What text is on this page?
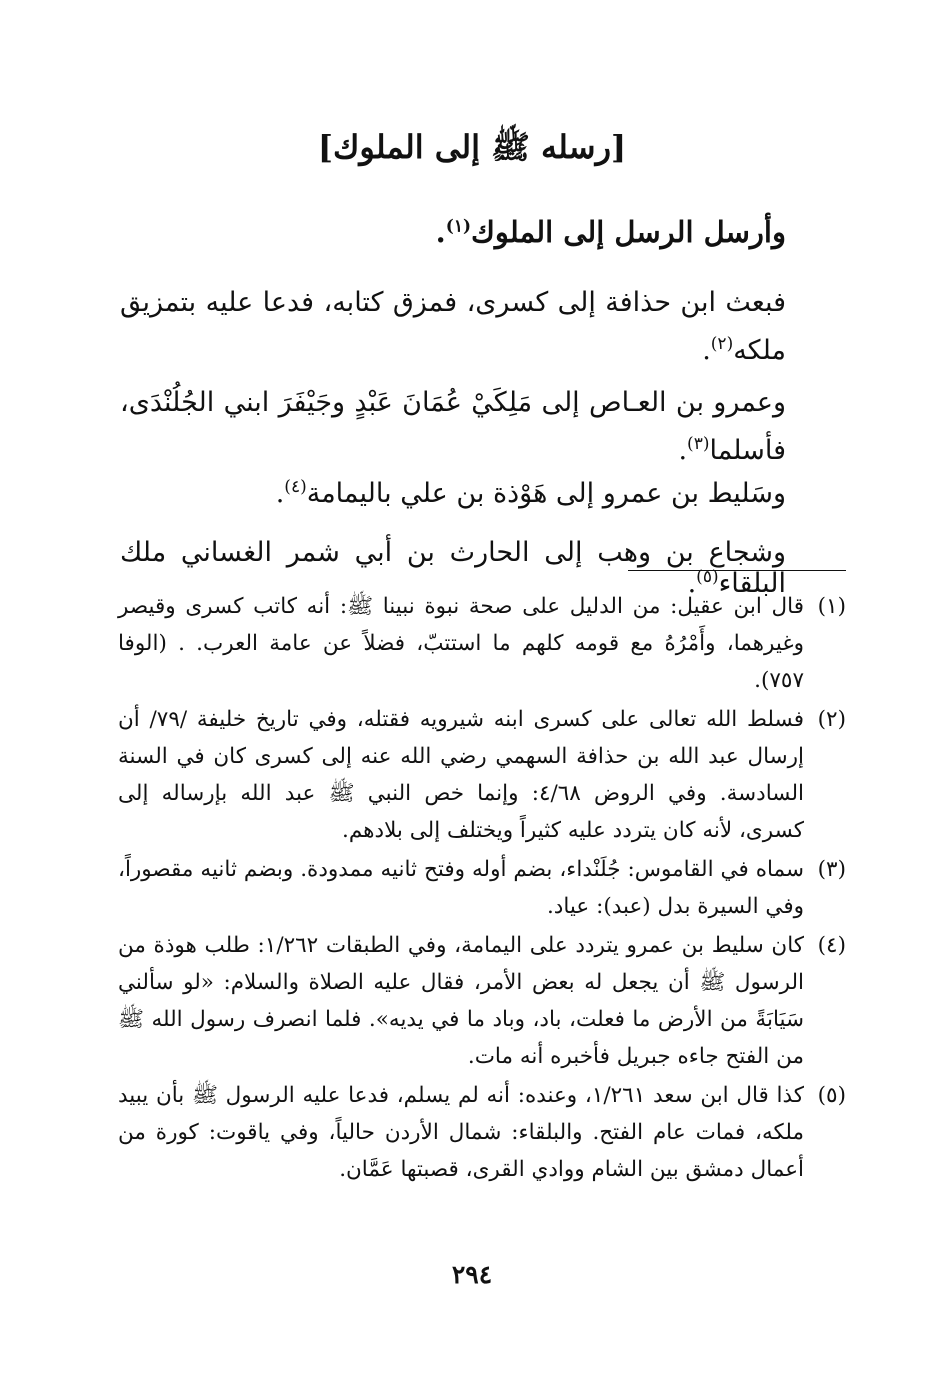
[رسله ﷺ إلى الملوك]

وأرسل الرسل إلى الملوك$^{(١)}$.

فبعث ابن حذافة إلى كسرى، فمزق كتابه، فدعا عليه بتمزيق ملكه$^{(٢)}$.

وعمرو بن العـاص إلى مَلِكَيْ عُمَانَ عَبْدٍ وجَيْفَرَ ابني الجُلُنْدَى، فأسلما$^{(٣)}$.

وسَليط بن عمرو إلى هَوْذة بن علي باليمامة$^{(٤)}$.

وشجاع بن وهب إلى الحارث بن أبي شمر الغساني ملك البلقاء$^{(٥)}$.

(١)
قال ابن عقيل: من الدليل على صحة نبوة نبينا ﷺ: أنه كاتب كسرى وقيصر وغيرهما، وأَمْرُهُ مع قومه كلهم ما استتبّ، فضلاً عن عامة العرب. . (الوفا ٧٥٧).
(٢)
فسلط الله تعالى على كسرى ابنه شيرويه فقتله، وفي تاريخ خليفة /٧٩/ أن إرسال عبد الله بن حذافة السهمي رضي الله عنه إلى كسرى كان في السنة السادسة. وفي الروض ٤/٦٨: وإنما خص النبي ﷺ عبد الله بإرساله إلى كسرى، لأنه كان يتردد عليه كثيراً ويختلف إلى بلادهم.
(٣)
سماه في القاموس: جُلَنْداء، بضم أوله وفتح ثانيه ممدودة. وبضم ثانيه مقصوراً، وفي السيرة بدل (عبد): عياد.
(٤)
كان سليط بن عمرو يتردد على اليمامة، وفي الطبقات ١/٢٦٢: طلب هوذة من الرسول ﷺ أن يجعل له بعض الأمر، فقال عليه الصلاة والسلام: «لو سألني سَيَابَةً من الأرض ما فعلت، باد، وباد ما في يديه». فلما انصرف رسول الله ﷺ من الفتح جاءه جبريل فأخبره أنه مات.
(٥)
كذا قال ابن سعد ١/٢٦١، وعنده: أنه لم يسلم، فدعا عليه الرسول ﷺ بأن يبيد ملكه، فمات عام الفتح. والبلقاء: شمال الأردن حالياً، وفي ياقوت: كورة من أعمال دمشق بين الشام ووادي القرى، قصبتها عَمَّان.
٢٩٤
